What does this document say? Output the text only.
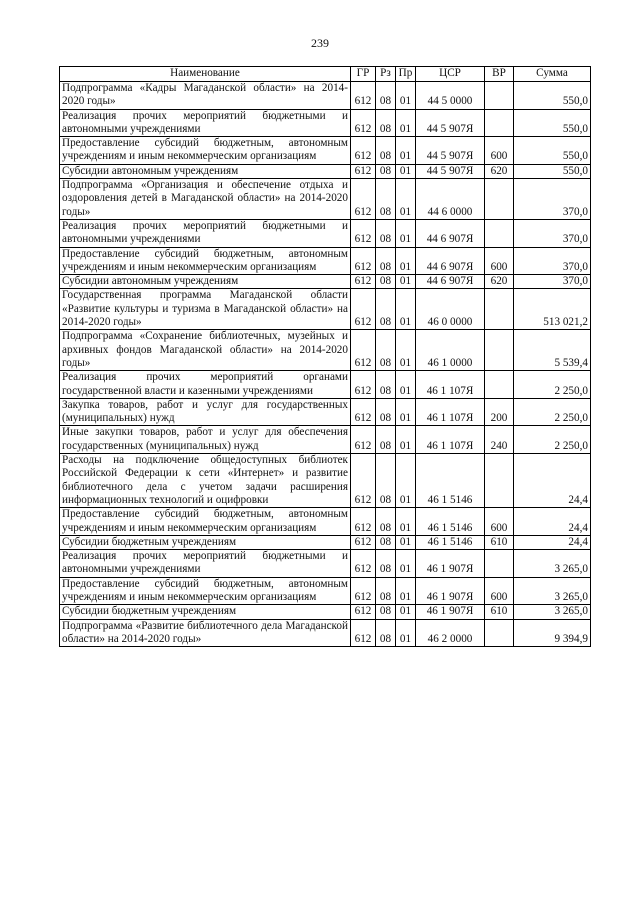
239
Наименование	ГР	Рз	Пр	ЦСР	ВР	Сумма
Подпрограмма «Кадры Магаданской области» на 2014-2020 годы»	612	08	01	44 5 0000		550,0
Реализация прочих мероприятий бюджетными и автономными учреждениями	612	08	01	44 5 907Я		550,0
Предоставление субсидий бюджетным, автономным учреждениям и иным некоммерческим организациям	612	08	01	44 5 907Я	600	550,0
Субсидии автономным учреждениям	612	08	01	44 5 907Я	620	550,0
Подпрограмма «Организация и обеспечение отдыха и оздоровления детей в Магаданской области» на 2014-2020 годы»	612	08	01	44 6 0000		370,0
Реализация прочих мероприятий бюджетными и автономными учреждениями	612	08	01	44 6 907Я		370,0
Предоставление субсидий бюджетным, автономным учреждениям и иным некоммерческим организациям	612	08	01	44 6 907Я	600	370,0
Субсидии автономным учреждениям	612	08	01	44 6 907Я	620	370,0
Государственная программа Магаданской области «Развитие культуры и туризма в Магаданской области» на 2014-2020 годы»	612	08	01	46 0 0000		513 021,2
Подпрограмма «Сохранение библиотечных, музейных и архивных фондов Магаданской области» на 2014-2020 годы»	612	08	01	46 1 0000		5 539,4
Реализация прочих мероприятий органами государственной власти и казенными учреждениями	612	08	01	46 1 107Я		2 250,0
Закупка товаров, работ и услуг для государственных (муниципальных) нужд	612	08	01	46 1 107Я	200	2 250,0
Иные закупки товаров, работ и услуг для обеспечения государственных (муниципальных) нужд	612	08	01	46 1 107Я	240	2 250,0
Расходы на подключение общедоступных библиотек Российской Федерации к сети «Интернет» и развитие библиотечного дела с учетом задачи расширения информационных технологий и оцифровки	612	08	01	46 1 5146		24,4
Предоставление субсидий бюджетным, автономным учреждениям и иным некоммерческим организациям	612	08	01	46 1 5146	600	24,4
Субсидии бюджетным учреждениям	612	08	01	46 1 5146	610	24,4
Реализация прочих мероприятий бюджетными и автономными учреждениями	612	08	01	46 1 907Я		3 265,0
Предоставление субсидий бюджетным, автономным учреждениям и иным некоммерческим организациям	612	08	01	46 1 907Я	600	3 265,0
Субсидии бюджетным учреждениям	612	08	01	46 1 907Я	610	3 265,0
Подпрограмма «Развитие библиотечного дела Магаданской области» на 2014-2020 годы»	612	08	01	46 2 0000		9 394,9
